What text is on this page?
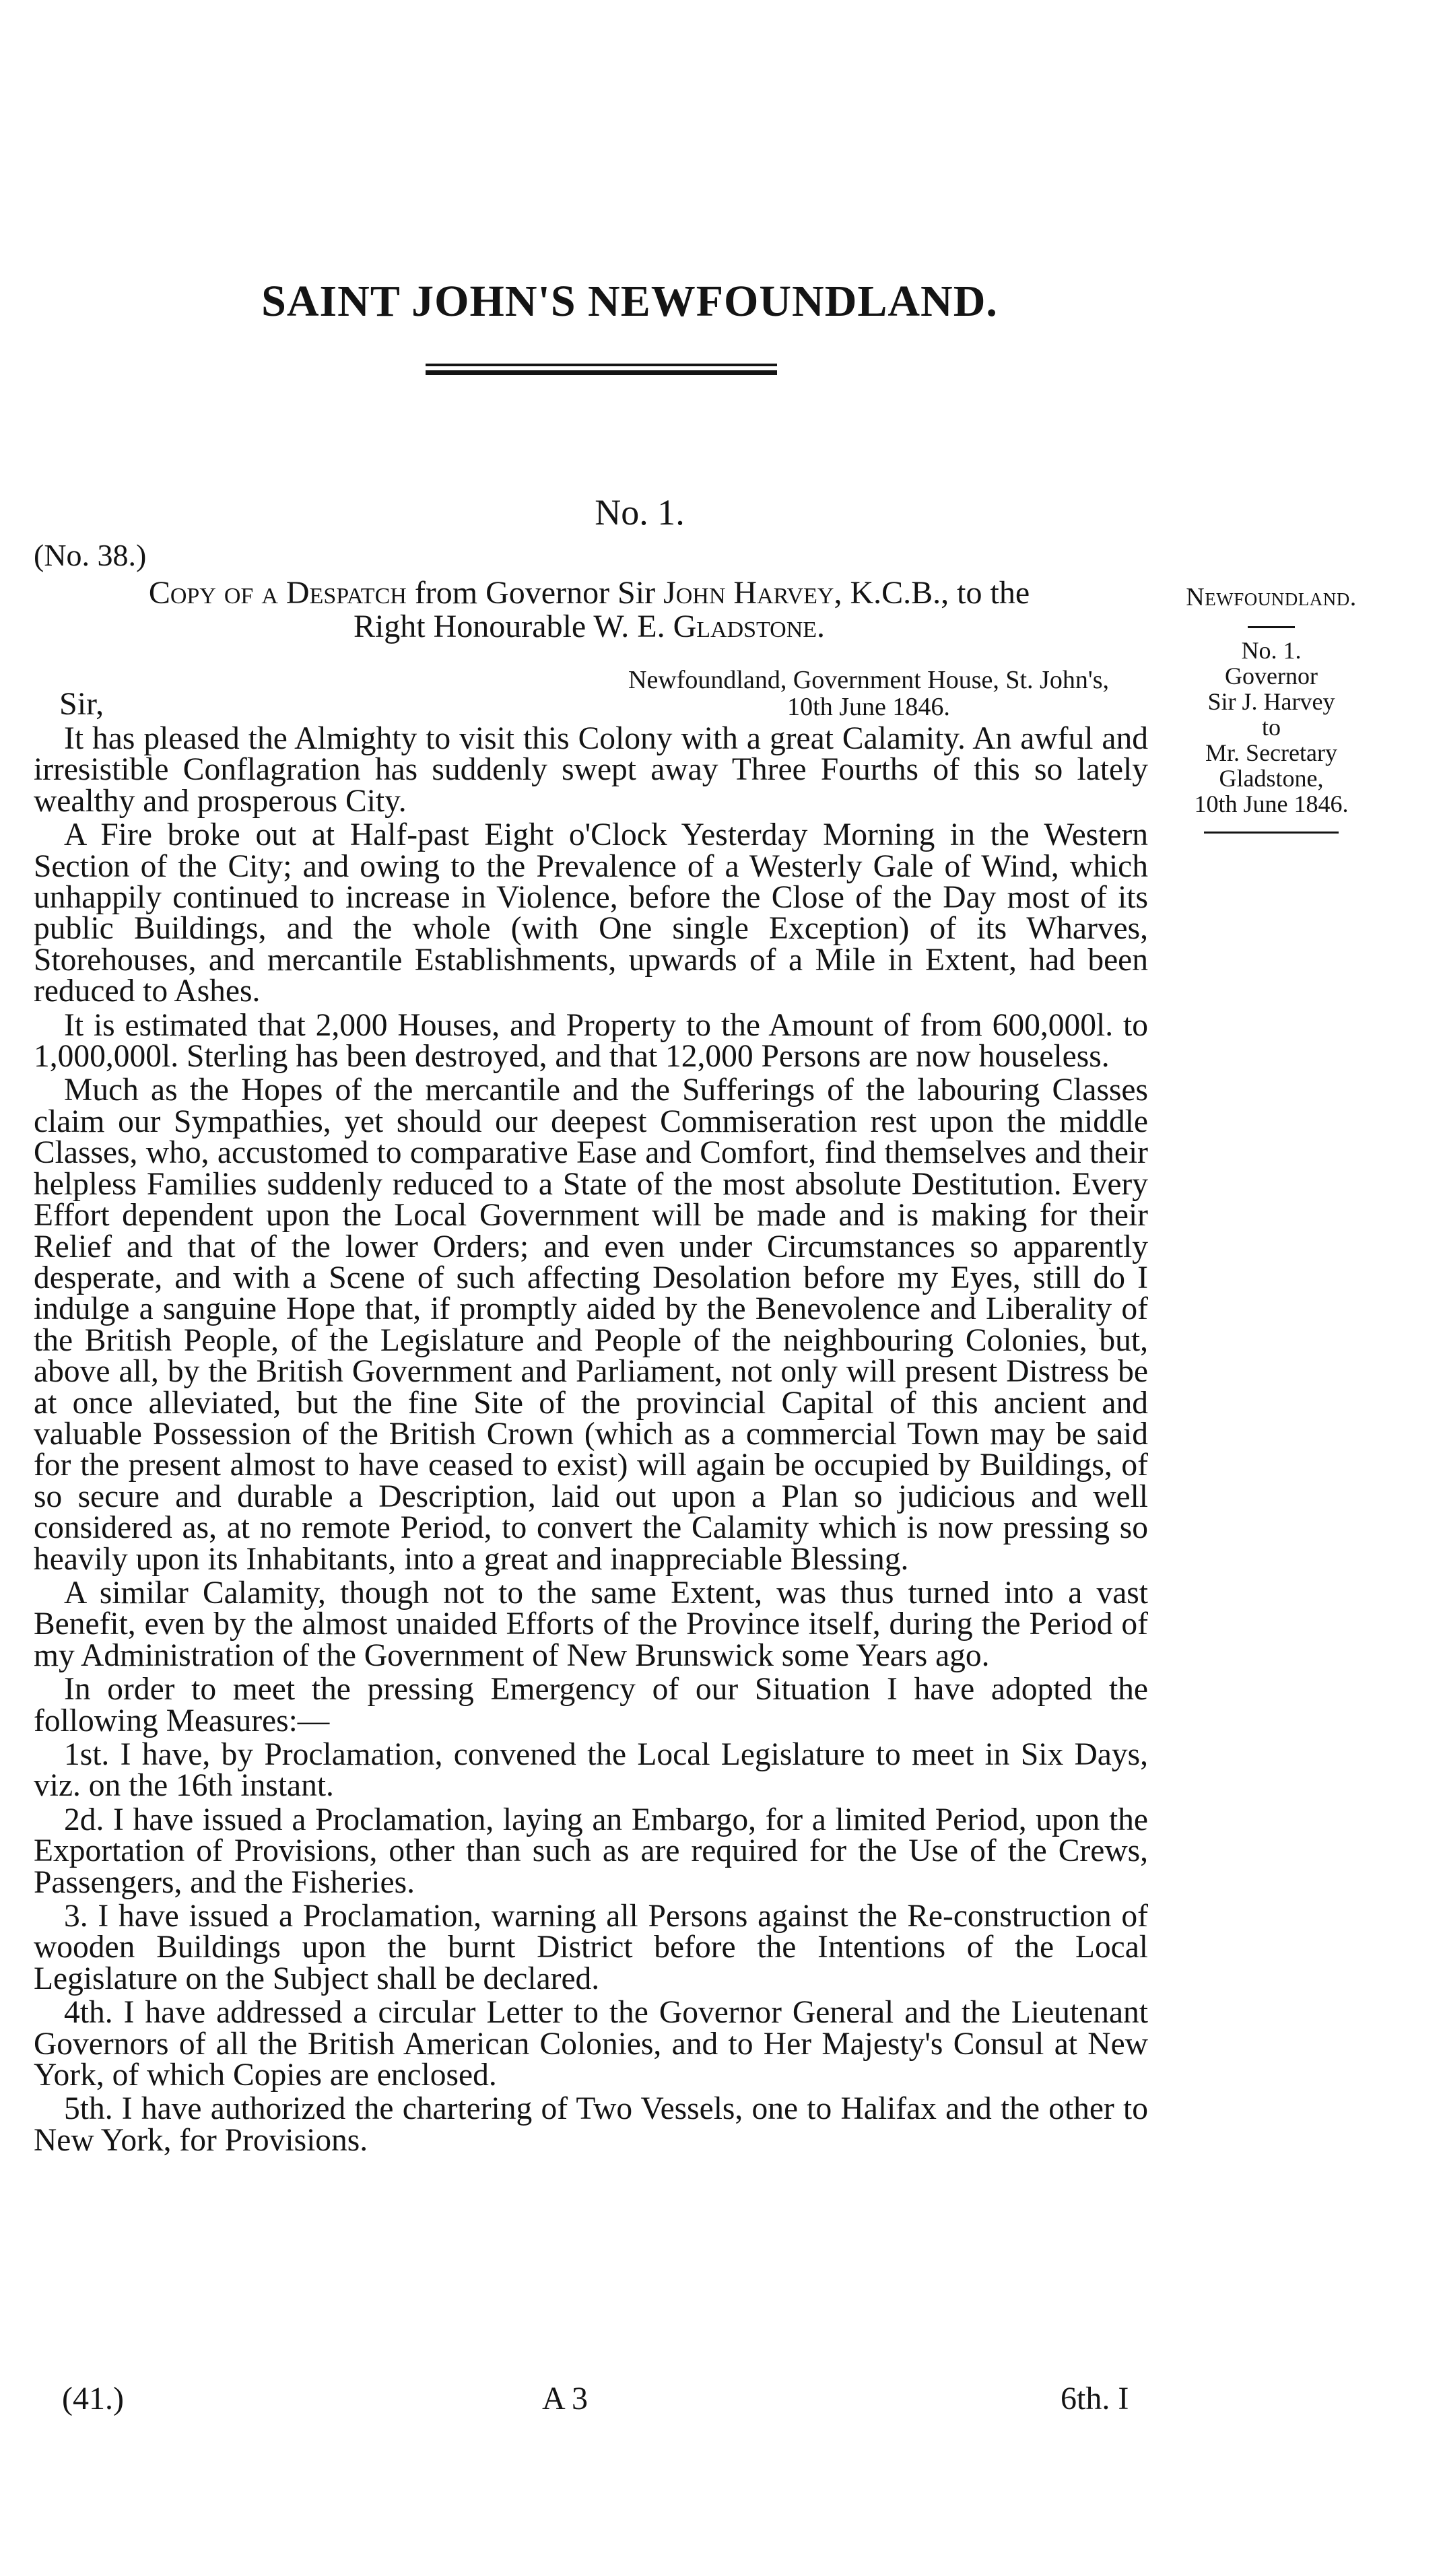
SAINT JOHN'S NEWFOUNDLAND.
No. 1.
(No. 38.)
Copy of a Despatch from Governor Sir John Harvey, K.C.B., to the
Right Honourable W. E. Gladstone.
Newfoundland, Government House, St. John's,
10th June 1846.
Sir,

It has pleased the Almighty to visit this Colony with a great Calamity. An awful and irresistible Conflagration has suddenly swept away Three Fourths of this so lately wealthy and prosperous City.

A Fire broke out at Half-past Eight o'Clock Yesterday Morning in the Western Section of the City; and owing to the Prevalence of a Westerly Gale of Wind, which unhappily continued to increase in Violence, before the Close of the Day most of its public Buildings, and the whole (with One single Exception) of its Wharves, Storehouses, and mercantile Establishments, upwards of a Mile in Extent, had been reduced to Ashes.

It is estimated that 2,000 Houses, and Property to the Amount of from 600,000l. to 1,000,000l. Sterling has been destroyed, and that 12,000 Persons are now houseless.

Much as the Hopes of the mercantile and the Sufferings of the labouring Classes claim our Sympathies, yet should our deepest Commiseration rest upon the middle Classes, who, accustomed to comparative Ease and Comfort, find themselves and their helpless Families suddenly reduced to a State of the most absolute Destitution. Every Effort dependent upon the Local Government will be made and is making for their Relief and that of the lower Orders; and even under Circumstances so apparently desperate, and with a Scene of such affecting Desolation before my Eyes, still do I indulge a sanguine Hope that, if promptly aided by the Benevolence and Liberality of the British People, of the Legislature and People of the neighbouring Colonies, but, above all, by the British Government and Parliament, not only will present Distress be at once alleviated, but the fine Site of the provincial Capital of this ancient and valuable Possession of the British Crown (which as a commercial Town may be said for the present almost to have ceased to exist) will again be occupied by Buildings, of so secure and durable a Description, laid out upon a Plan so judicious and well considered as, at no remote Period, to convert the Calamity which is now pressing so heavily upon its Inhabitants, into a great and inappreciable Blessing.

A similar Calamity, though not to the same Extent, was thus turned into a vast Benefit, even by the almost unaided Efforts of the Province itself, during the Period of my Administration of the Government of New Brunswick some Years ago.

In order to meet the pressing Emergency of our Situation I have adopted the following Measures:—

1st. I have, by Proclamation, convened the Local Legislature to meet in Six Days, viz. on the 16th instant.

2d. I have issued a Proclamation, laying an Embargo, for a limited Period, upon the Exportation of Provisions, other than such as are required for the Use of the Crews, Passengers, and the Fisheries.

3. I have issued a Proclamation, warning all Persons against the Re-construction of wooden Buildings upon the burnt District before the Intentions of the Local Legislature on the Subject shall be declared.

4th. I have addressed a circular Letter to the Governor General and the Lieutenant Governors of all the British American Colonies, and to Her Majesty's Consul at New York, of which Copies are enclosed.

5th. I have authorized the chartering of Two Vessels, one to Halifax and the other to New York, for Provisions.

(41.)	A 3	6th. I
Newfoundland.
No. 1.
Governor
Sir J. Harvey
to
Mr. Secretary
Gladstone,
10th June 1846.
